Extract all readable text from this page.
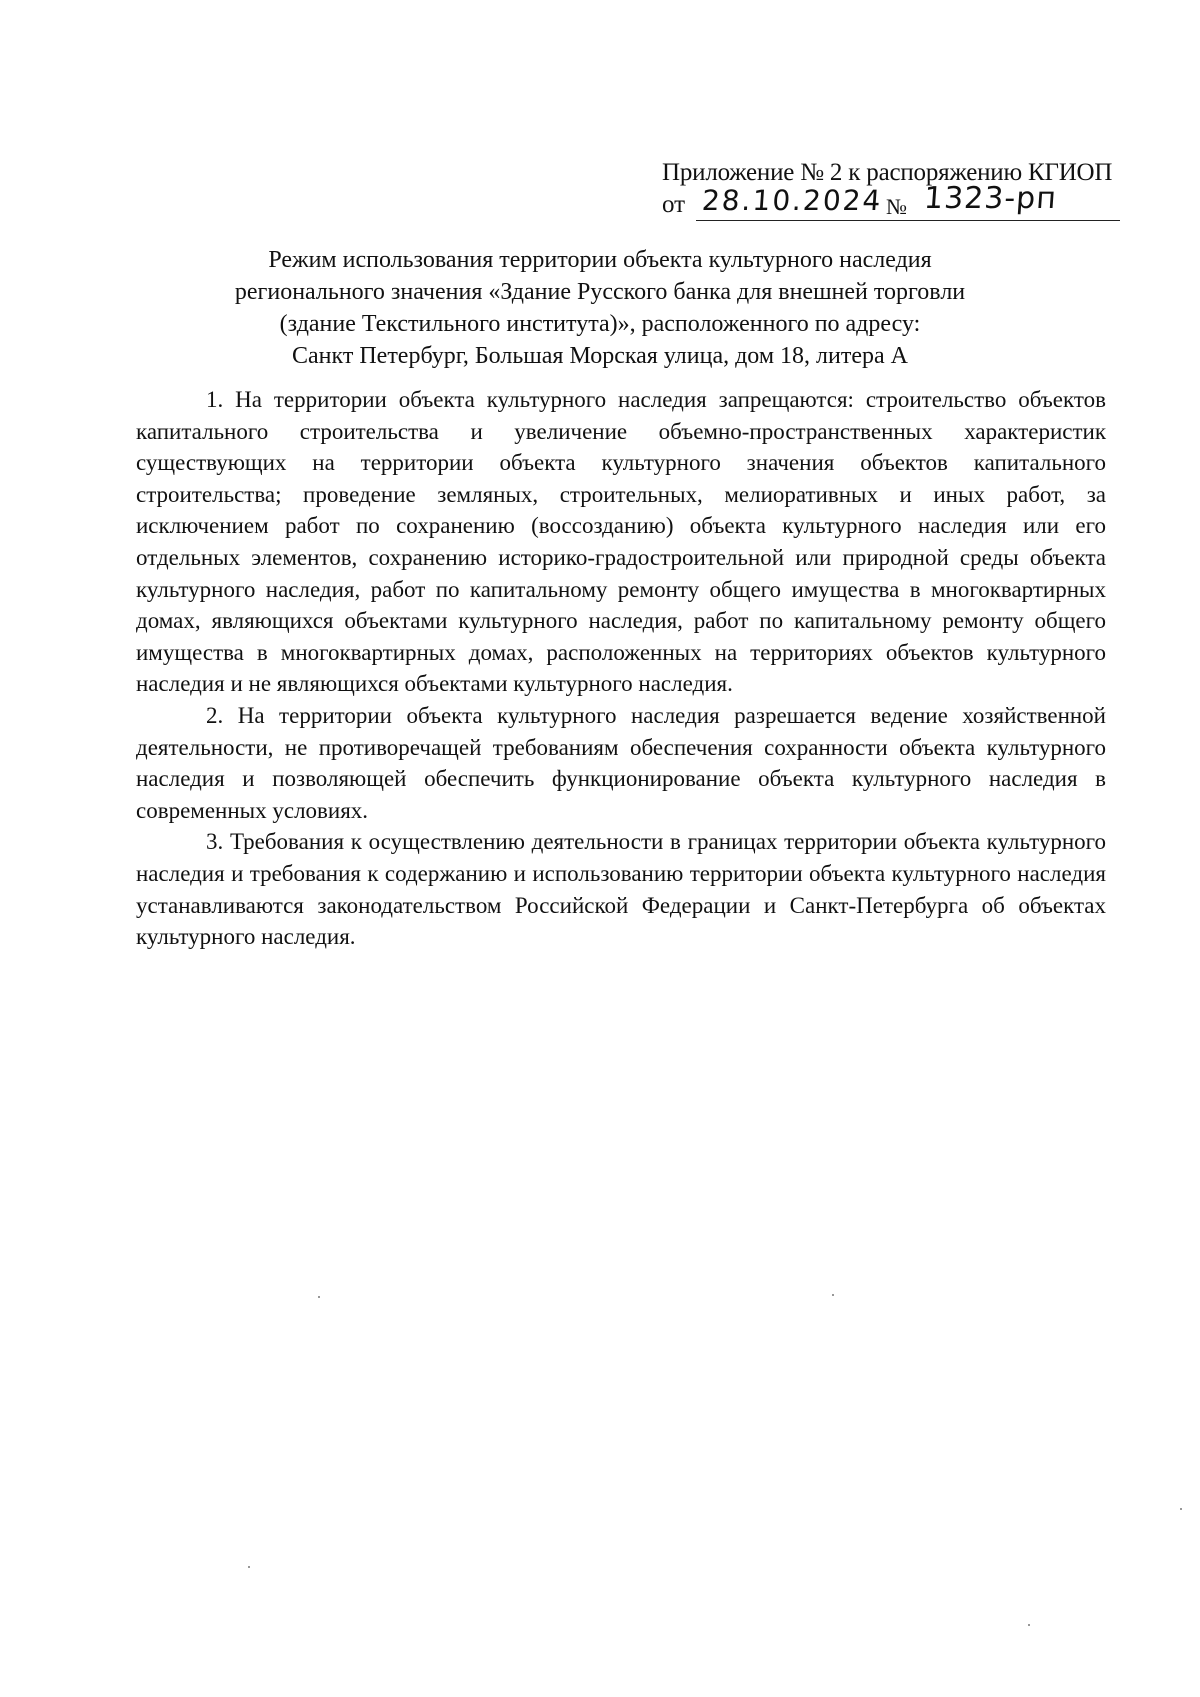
Приложение № 2 к распоряжению КГИОП
от 28.10.2024 № 1323-рп
Режим использования территории объекта культурного наследия
регионального значения «Здание Русского банка для внешней торговли
(здание Текстильного института)», расположенного по адресу:
Санкт Петербург, Большая Морская улица, дом 18, литера А

1. На территории объекта культурного наследия запрещаются: строительство объектов капитального строительства и увеличение объемно-пространственных характеристик существующих на территории объекта культурного значения объектов капитального строительства; проведение земляных, строительных, мелиоративных и иных работ, за исключением работ по сохранению (воссозданию) объекта культурного наследия или его отдельных элементов, сохранению историко-градостроительной или природной среды объекта культурного наследия, работ по капитальному ремонту общего имущества в многоквартирных домах, являющихся объектами культурного наследия, работ по капитальному ремонту общего имущества в многоквартирных домах, расположенных на территориях объектов культурного наследия и не являющихся объектами культурного наследия.

2. На территории объекта культурного наследия разрешается ведение хозяйственной деятельности, не противоречащей требованиям обеспечения сохранности объекта культурного наследия и позволяющей обеспечить функционирование объекта культурного наследия в современных условиях.

3. Требования к осуществлению деятельности в границах территории объекта культурного наследия и требования к содержанию и использованию территории объекта культурного наследия устанавливаются законодательством Российской Федерации и Санкт-Петербурга об объектах культурного наследия.
